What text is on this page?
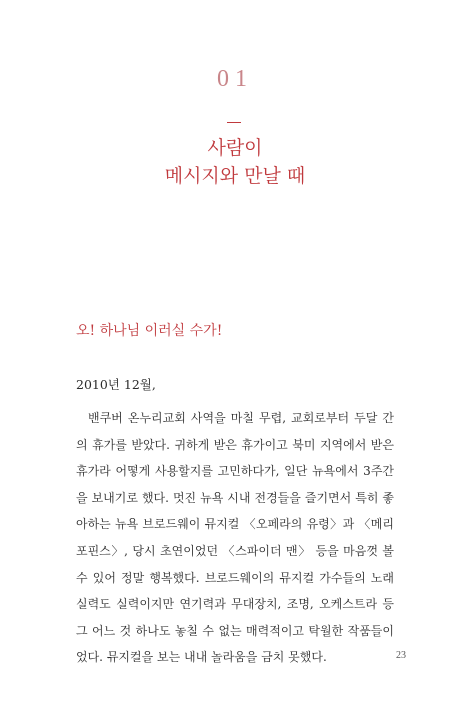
01
사람이
메시지와 만날 때
오! 하나님 이러실 수가!
2010년 12월,

밴쿠버 온누리교회 사역을 마칠 무렵, 교회로부터 두달 간의 휴가를 받았다. 귀하게 받은 휴가이고 북미 지역에서 받은 휴가라 어떻게 사용할지를 고민하다가, 일단 뉴욕에서 3주간을 보내기로 했다. 멋진 뉴욕 시내 전경들을 즐기면서 특히 좋아하는 뉴욕 브로드웨이 뮤지컬 〈오페라의 유령〉과 〈메리 포핀스〉, 당시 초연이었던 〈스파이더 맨〉 등을 마음껏 볼 수 있어 정말 행복했다. 브로드웨이의 뮤지컬 가수들의 노래 실력도 실력이지만 연기력과 무대장치, 조명, 오케스트라 등 그 어느 것 하나도 놓칠 수 없는 매력적이고 탁월한 작품들이었다. 뮤지컬을 보는 내내 놀라움을 금치 못했다.	23
